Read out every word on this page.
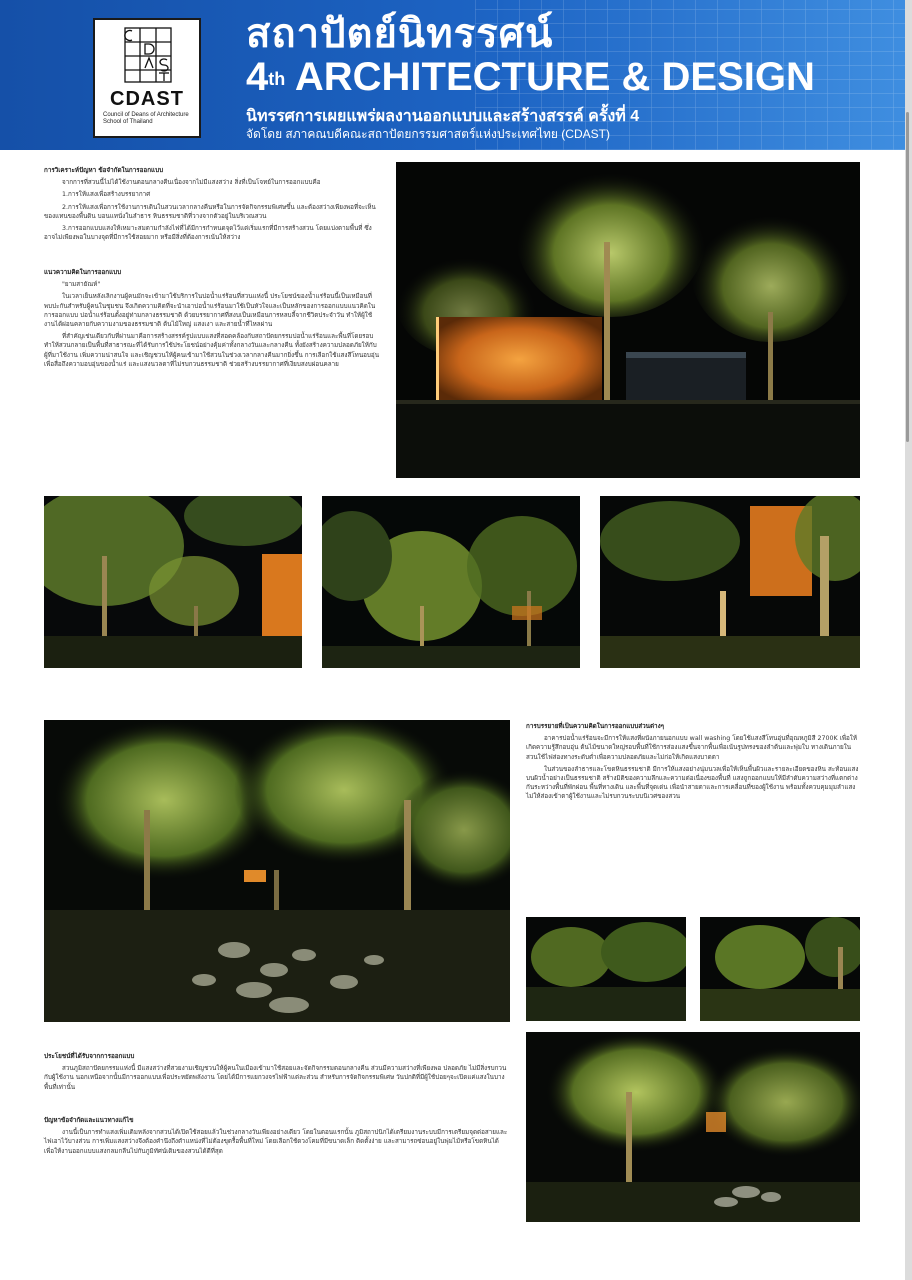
CDAST
Council of Deans of Architecture School of Thailand
สถาปัตย์นิทรรศน์
4th ARCHITECTURE & DESIGN
นิทรรศการเผยแพร่ผลงานออกแบบและสร้างสรรค์ ครั้งที่ 4
จัดโดย สภาคณบดีคณะสถาปัตยกรรมศาสตร์แห่งประเทศไทย (CDAST)

การวิเคราะห์ปัญหา ข้อจำกัดในการออกแบบ

จากการที่สวนนี้ไม่ได้ใช้งานตอนกลางคืนเนื่องจากไม่มีแสงสว่าง สิ่งที่เป็นโจทย์ในการออกแบบคือ

1.การให้แสงเพื่อสร้างบรรยากาศ

2.การให้แสงเพื่อการใช้งานการเดินในสวนเวลากลางคืนหรือในการจัดกิจกรรมพิเศษขึ้น และต้องสว่างเพียงพอที่จะเห็นของแทนของพื้นดิน บอนแทนั่งในลำธาร หินธรรมชาติที่วางจากตัวอยู่ในบริเวณสวน

3.การออกแบบแสงให้เหมาะสมตามกำลังไฟที่ได้มีการกำหนดจุดไว้แต่เริ่มแรกที่มีการสร้างสวน โดยแบ่งตามพื้นที่ ซึ่งอาจไม่เพียงพอในบางจุดที่มีการใช้สอยมาก หรือมีสิ่งที่ต้องการเน้นให้สว่าง

แนวความคิดในการออกแบบ

"ยามสายัณห์"

ในเวลาเย็นหลังเลิกงานผู้คนมักจะเข้ามาใช้บริการในบ่อน้ำแร่ร้อนที่สวนแห่งนี้ ประโยชน์ของน้ำแร่ร้อนนี้เป็นเหมือนที่พบปะกันสำหรับผู้คนในชุมชน จึงเกิดความคิดที่จะนำเอาบ่อน้ำแร่ร้อนมาใช้เป็นหัวใจและเป็นหลักของการออกแบบแนวคิดในการออกแบบ บ่อน้ำแร่ร้อนตั้งอยู่ท่ามกลางธรรมชาติ ด้วยบรรยากาศที่สงบเป็นเหมือนการหลบลี้จากชีวิตประจำวัน ทำให้ผู้ใช้งานได้ผ่อนคลายกับความงามของธรรมชาติ ต้นไม้ใหญ่ แสงเงา และสายน้ำที่ไหลผ่าน

ที่สำคัญเช่นเดียวกับที่ผ่านมาคือการสร้างสรรค์รูปแบบแสงที่สอดคล้องกับสถาปัตยกรรมบ่อน้ำแร่ร้อนและพื้นที่โดยรอบ ทำให้สวนกลายเป็นพื้นที่สาธารณะที่ได้รับการใช้ประโยชน์อย่างคุ้มค่าทั้งกลางวันและกลางคืน ทั้งยังสร้างความปลอดภัยให้กับผู้ที่มาใช้งาน เพิ่มความน่าสนใจ และเชิญชวนให้ผู้คนเข้ามาใช้สวนในช่วงเวลากลางคืนมากยิ่งขึ้น การเลือกใช้แสงสีโทนอบอุ่นเพื่อสื่อถึงความอบอุ่นของน้ำแร่ และแสงนวลตาที่ไม่รบกวนธรรมชาติ ช่วยสร้างบรรยากาศที่เงียบสงบผ่อนคลาย

การบรรยายที่เป็นความคิดในการออกแบบส่วนต่างๆ

อาคารบ่อน้ำแร่ร้อนจะมีการให้แสงที่ผนังภายนอกแบบ wall washing โดยใช้แสงสีโทนอุ่นที่อุณหภูมิสี 2700K เพื่อให้เกิดความรู้สึกอบอุ่น ต้นไม้ขนาดใหญ่รอบพื้นที่ใช้การส่องแสงขึ้นจากพื้นเพื่อเน้นรูปทรงของลำต้นและพุ่มใบ ทางเดินภายในสวนใช้ไฟส่องทางระดับต่ำเพื่อความปลอดภัยและไม่ก่อให้เกิดแสงบาดตา

ในส่วนของลำธารและโขดหินธรรมชาติ มีการให้แสงอย่างนุ่มนวลเพื่อให้เห็นพื้นผิวและรายละเอียดของหิน สะท้อนแสงบนผิวน้ำอย่างเป็นธรรมชาติ สร้างมิติของความลึกและความต่อเนื่องของพื้นที่ แสงถูกออกแบบให้มีลำดับความสว่างที่แตกต่างกันระหว่างพื้นที่พักผ่อน พื้นที่ทางเดิน และพื้นที่จุดเด่น เพื่อนำสายตาและการเคลื่อนที่ของผู้ใช้งาน พร้อมทั้งควบคุมมุมลำแสงไม่ให้ส่องเข้าตาผู้ใช้งานและไม่รบกวนระบบนิเวศของสวน

ประโยชน์ที่ได้รับจากการออกแบบ

สวนภูมิสถาปัตยกรรมแห่งนี้ มีแสงสว่างที่สวยงามเชิญชวนให้ผู้คนในเมืองเข้ามาใช้สอยและจัดกิจกรรมตอนกลางคืน ส่วนมีความสว่างที่เพียงพอ ปลอดภัย ไม่มีสิ่งรบกวนกับผู้ใช้งาน นอกเหนือจากนั้นมีการออกแบบเพื่อประหยัดพลังงาน โดยได้มีการแยกวงจรไฟฟ้าแต่ละส่วน สำหรับการจัดกิจกรรมพิเศษ วันปกติที่มีผู้ใช้บ่อยๆจะเปิดแค่แสงในบางพื้นที่เท่านั้น

ปัญหาข้อจำกัดและแนวทางแก้ไข

งานนี้เป็นการทำแสงเพิ่มเติมหลังจากสวนได้เปิดใช้สอยแล้วในช่วงกลางวันเพียงอย่างเดียว โดยในตอนแรกนั้น ภูมิสถาปนิกได้เตรียมงานระบบมีการเตรียมจุดต่อสายและไฟเอาไว้บางส่วน การเพิ่มแสงสว่างจึงต้องคำนึงถึงตำแหน่งที่ไม่ต้องขุดรื้อพื้นที่ใหม่ โดยเลือกใช้ดวงโคมที่มีขนาดเล็ก ติดตั้งง่าย และสามารถซ่อนอยู่ในพุ่มไม้หรือโขดหินได้ เพื่อให้งานออกแบบแสงกลมกลืนไปกับภูมิทัศน์เดิมของสวนได้ดีที่สุด
